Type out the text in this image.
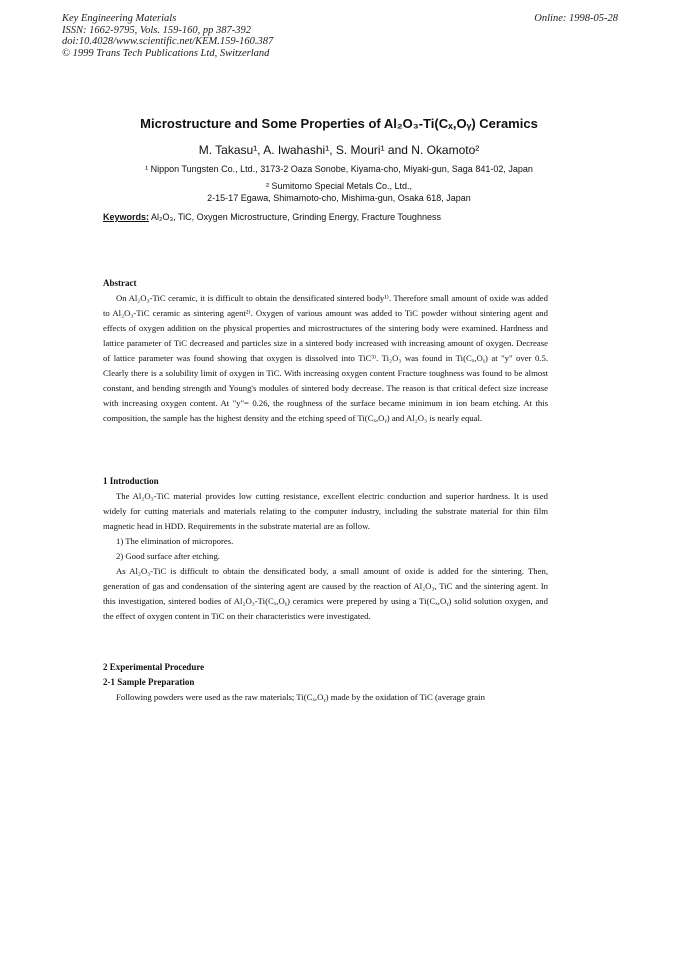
Key Engineering Materials
ISSN: 1662-9795, Vols. 159-160, pp 387-392
doi:10.4028/www.scientific.net/KEM.159-160.387
© 1999 Trans Tech Publications Ltd, Switzerland
Online: 1998-05-28
Microstructure and Some Properties of Al₂O₃-Ti(Cₓ,Oᵧ) Ceramics
M. Takasu¹, A. Iwahashi¹, S. Mouri¹ and N. Okamoto²
¹ Nippon Tungsten Co., Ltd., 3173-2 Oaza Sonobe, Kiyama-cho, Miyaki-gun, Saga 841-02, Japan
² Sumitomo Special Metals Co., Ltd.,
2-15-17 Egawa, Shimamoto-cho, Mishima-gun, Osaka 618, Japan
Keywords: Al₂O₃, TiC, Oxygen Microstructure, Grinding Energy, Fracture Toughness
Abstract

On Al₂O₃-TiC ceramic, it is difficult to obtain the densificated sintered body¹⁾. Therefore small amount of oxide was added to Al₂O₃-TiC ceramic as sintering agent²⁾. Oxygen of various amount was added to TiC powder without sintering agent and effects of oxygen addition on the physical properties and microstructures of the sintering body were examined. Hardness and lattice parameter of TiC decreased and particles size in a sintered body increased with increasing amount of oxygen. Decrease of lattice parameter was found showing that oxygen is dissolved into TiC³⁾. Ti₂O₃ was found in Ti(Cₓ,Oᵧ) at "y" over 0.5. Clearly there is a solubility limit of oxygen in TiC. With increasing oxygen content Fracture toughness was found to be almost constant, and bending strength and Young's modules of sintered body decrease. The reason is that critical defect size increase with increasing oxygen content. At "y"= 0.26, the roughness of the surface became minimum in ion beam etching. At this composition, the sample has the highest density and the etching speed of Ti(Cₓ,Oᵧ) and Al₂O₃ is nearly equal.

1 Introduction

The Al₂O₃-TiC material provides low cutting resistance, excellent electric conduction and superior hardness. It is used widely for cutting materials and materials relating to the computer industry, including the substrate material for thin film magnetic head in HDD. Requirements in the substrate material are as follow.

1) The elimination of micropores.

2) Good surface after etching.

As Al₂O₃-TiC is difficult to obtain the densificated body, a small amount of oxide is added for the sintering. Then, generation of gas and condensation of the sintering agent are caused by the reaction of Al₂O₃, TiC and the sintering agent. In this investigation, sintered bodies of Al₂O₃-Ti(Cₓ,Oᵧ) ceramics were prepered by using a Ti(Cₓ,Oᵧ) solid solution oxygen, and the effect of oxygen content in TiC on their characteristics were investigated.

2 Experimental Procedure
2-1 Sample Preparation

Following powders were used as the raw materials; Ti(Cₓ,Oᵧ) made by the oxidation of TiC (average grain
